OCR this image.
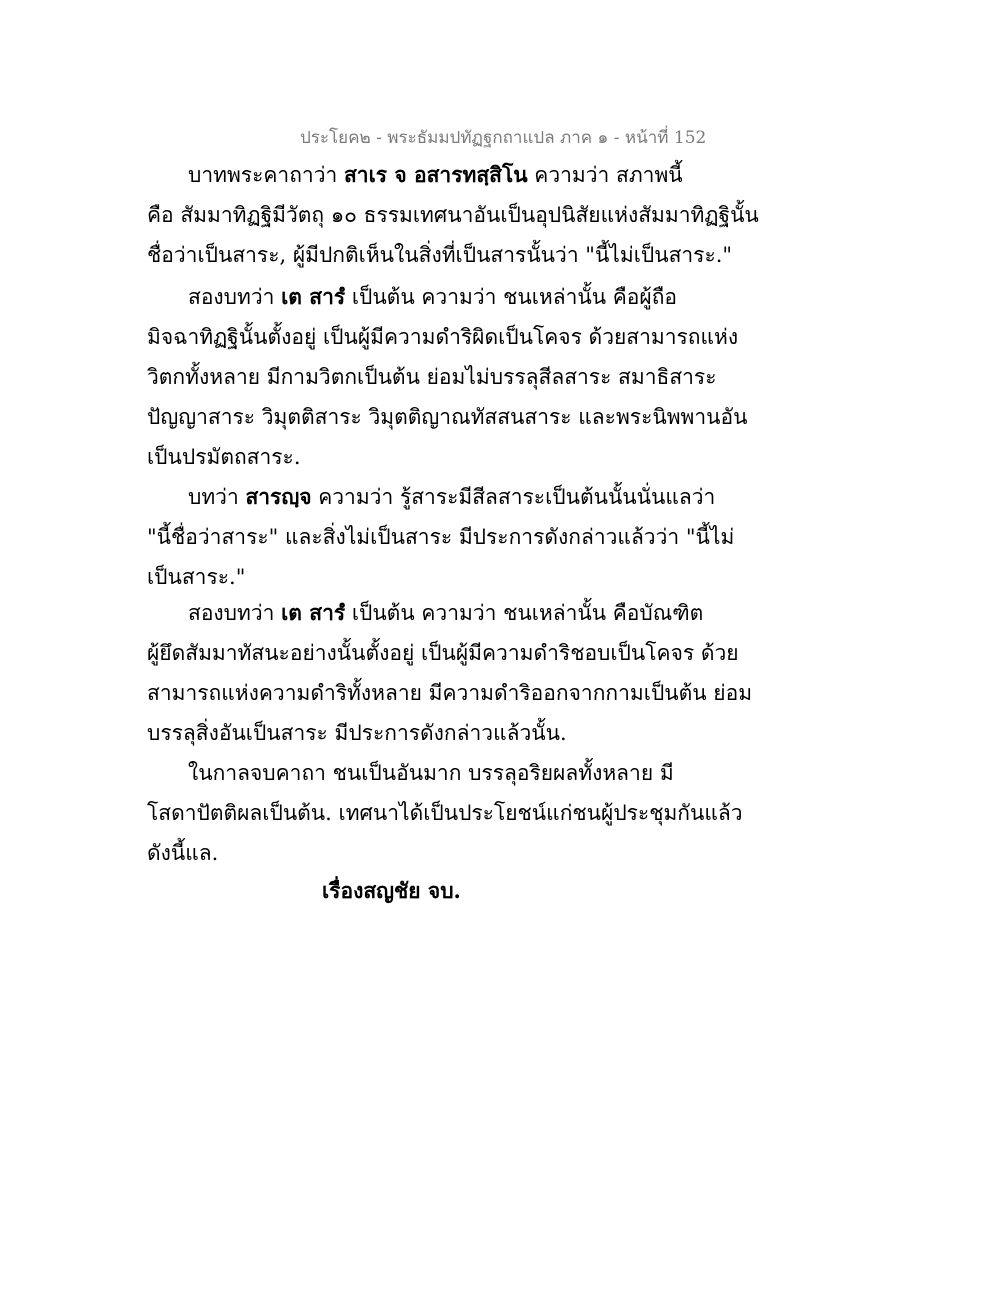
ประโยค๒ - พระธัมมปทัฏฐกถาแปล ภาค ๑ - หน้าที่ 152
บาทพระคาถาว่า สาเร จ อสารทสฺสิโน ความว่า สภาพนี้
คือ สัมมาทิฏฐิมีวัตถุ ๑๐ ธรรมเทศนาอันเป็นอุปนิสัยแห่งสัมมาทิฏฐินั้น
ชื่อว่าเป็นสาระ, ผู้มีปกติเห็นในสิ่งที่เป็นสารนั้นว่า "นี้ไม่เป็นสาระ."
สองบทว่า เต สารํ เป็นต้น ความว่า ชนเหล่านั้น คือผู้ถือ
มิจฉาทิฏฐินั้นตั้งอยู่ เป็นผู้มีความดำริผิดเป็นโคจร ด้วยสามารถแห่ง
วิตกทั้งหลาย มีกามวิตกเป็นต้น ย่อมไม่บรรลุสีลสาระ สมาธิสาระ
ปัญญาสาระ วิมุตติสาระ วิมุตติญาณทัสสนสาระ และพระนิพพานอัน
เป็นปรมัตถสาระ.
บทว่า สารญฺจ ความว่า รู้สาระมีสีลสาระเป็นต้นนั้นนั่นแลว่า
"นี้ชื่อว่าสาระ" และสิ่งไม่เป็นสาระ มีประการดังกล่าวแล้วว่า "นี้ไม่
เป็นสาระ."
สองบทว่า เต สารํ เป็นต้น ความว่า ชนเหล่านั้น คือบัณฑิต
ผู้ยึดสัมมาทัสนะอย่างนั้นตั้งอยู่ เป็นผู้มีความดำริชอบเป็นโคจร ด้วย
สามารถแห่งความดำริทั้งหลาย มีความดำริออกจากกามเป็นต้น ย่อม
บรรลุสิ่งอันเป็นสาระ มีประการดังกล่าวแล้วนั้น.
ในกาลจบคาถา ชนเป็นอันมาก บรรลุอริยผลทั้งหลาย มี
โสดาปัตติผลเป็นต้น. เทศนาได้เป็นประโยชน์แก่ชนผู้ประชุมกันแล้ว
ดังนี้แล.
เรื่องสญชัย จบ.
